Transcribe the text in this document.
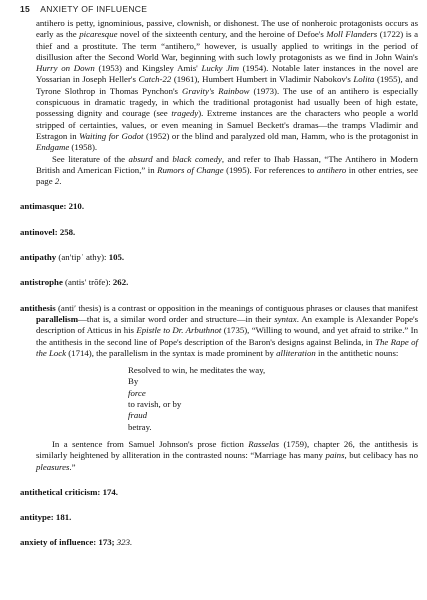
15 ANXIETY OF INFLUENCE

antihero is petty, ignominious, passive, clownish, or dishonest. The use of nonheroic protagonists occurs as early as the picaresque novel of the sixteenth century, and the heroine of Defoe's Moll Flanders (1722) is a thief and a prostitute. The term “antihero,” however, is usually applied to writings in the period of disillusion after the Second World War, beginning with such lowly protagonists as we find in John Wain's Hurry on Down (1953) and Kingsley Amis' Lucky Jim (1954). Notable later instances in the novel are Yossarian in Joseph Heller's Catch-22 (1961), Humbert Humbert in Vladimir Nabokov's Lolita (1955), and Tyrone Slothrop in Thomas Pynchon's Gravity's Rainbow (1973). The use of an antihero is especially conspicuous in dramatic tragedy, in which the traditional protagonist had usually been of high estate, possessing dignity and courage (see tragedy). Extreme instances are the characters who people a world stripped of certainties, values, or even meaning in Samuel Beckett's dramas—the tramps Vladimir and Estragon in Waiting for Godot (1952) or the blind and paralyzed old man, Hamm, who is the protagonist in Endgame (1958).

See literature of the absurd and black comedy, and refer to Ihab Hassan, “The Antihero in Modern British and American Fiction,” in Rumors of Change (1995). For references to antihero in other entries, see page 2.

antimasque: 210.

antinovel: 258.

antipathy (an′tipˈ athy): 105.

antistrophe (antis′ trōfe): 262.

antithesis (anti′ thesis) is a contrast or opposition in the meanings of contiguous phrases or clauses that manifest parallelism—that is, a similar word order and structure—in their syntax. An example is Alexander Pope's description of Atticus in his Epistle to Dr. Arbuthnot (1735), “Willing to wound, and yet afraid to strike.” In the antithesis in the second line of Pope's description of the Baron's designs against Belinda, in The Rape of the Lock (1714), the parallelism in the syntax is made prominent by alliteration in the antithetic nouns:

Resolved to win, he meditates the way,
By
force
to ravish, or by
fraud
betray.

In a sentence from Samuel Johnson's prose fiction Rasselas (1759), chapter 26, the antithesis is similarly heightened by alliteration in the contrasted nouns: “Marriage has many pains, but celibacy has no pleasures.”

antithetical criticism: 174.

antitype: 181.

anxiety of influence: 173; 323.
